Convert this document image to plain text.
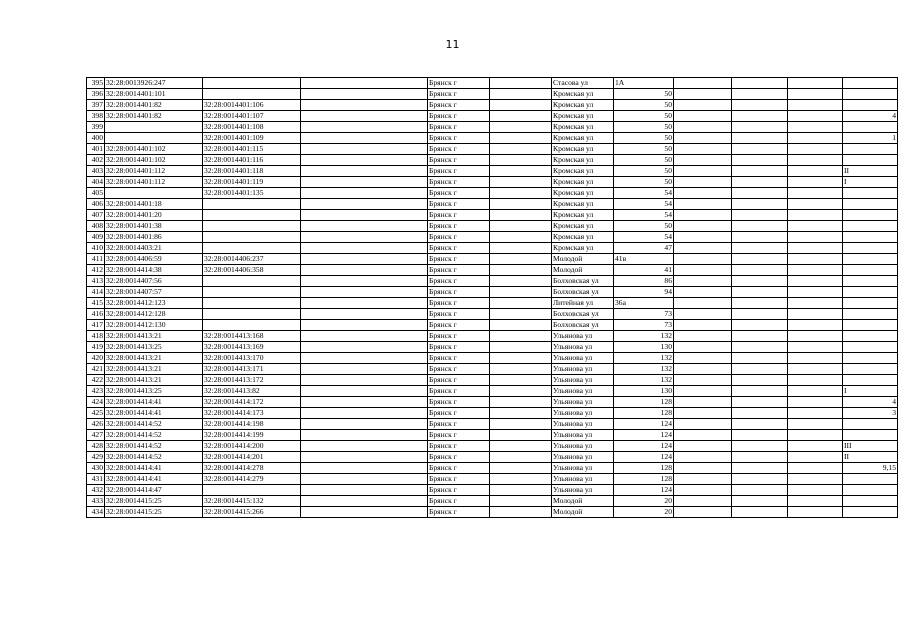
11
395	32:28:0013926:247			Брянск г		Стасова ул	1А				
396	32:28:0014401:101			Брянск г		Кромская ул	50				
397	32:28:0014401:82	32:28:0014401:106		Брянск г		Кромская ул	50				
398	32:28:0014401:82	32:28:0014401:107		Брянск г		Кромская ул	50				4
399		32:28:0014401:108		Брянск г		Кромская ул	50				
400		32:28:0014401:109		Брянск г		Кромская ул	50				1
401	32:28:0014401:102	32:28:0014401:115		Брянск г		Кромская ул	50				
402	32:28:0014401:102	32:28:0014401:116		Брянск г		Кромская ул	50				
403	32:28:0014401:112	32:28:0014401:118		Брянск г		Кромская ул	50				II
404	32:28:0014401:112	32:28:0014401:119		Брянск г		Кромская ул	50				I
405		32:28:0014401:135		Брянск г		Кромская ул	54				
406	32:28:0014401:18			Брянск г		Кромская ул	54				
407	32:28:0014401:20			Брянск г		Кромская ул	54				
408	32:28:0014401:38			Брянск г		Кромская ул	50				
409	32:28:0014401:86			Брянск г		Кромская ул	54				
410	32:28:0014403:21			Брянск г		Кромская ул	47				
411	32:28:0014406:59	32:28:0014406:237		Брянск г		Молодой	41в				
412	32:28:0014414:38	32:28:0014406:358		Брянск г		Молодой	41				
413	32:28:0014407:56			Брянск г		Болховская ул	86				
414	32:28:0014407:57			Брянск г		Болховская ул	94				
415	32:28:0014412:123			Брянск г		Литейная ул	36а				
416	32:28:0014412:128			Брянск г		Болховская ул	73				
417	32:28:0014412:130			Брянск г		Болховская ул	73				
418	32:28:0014413:21	32:28:0014413:168		Брянск г		Ульянова ул	132				
419	32:28:0014413:25	32:28:0014413:169		Брянск г		Ульянова ул	130				
420	32:28:0014413:21	32:28:0014413:170		Брянск г		Ульянова ул	132				
421	32:28:0014413:21	32:28:0014413:171		Брянск г		Ульянова ул	132				
422	32:28:0014413:21	32:28:0014413:172		Брянск г		Ульянова ул	132				
423	32:28:0014413:25	32:28:0014413:82		Брянск г		Ульянова ул	130				I
424	32:28:0014414:41	32:28:0014414:172		Брянск г		Ульянова ул	128				4
425	32:28:0014414:41	32:28:0014414:173		Брянск г		Ульянова ул	128				3
426	32:28:0014414:52	32:28:0014414:198		Брянск г		Ульянова ул	124				
427	32:28:0014414:52	32:28:0014414:199		Брянск г		Ульянова ул	124				
428	32:28:0014414:52	32:28:0014414:200		Брянск г		Ульянова ул	124				III
429	32:28:0014414:52	32:28:0014414:201		Брянск г		Ульянова ул	124				II
430	32:28:0014414:41	32:28:0014414:278		Брянск г		Ульянова ул	128				9,15
431	32:28:0014414:41	32:28:0014414:279		Брянск г		Ульянова ул	128				
432	32:28:0014414:47			Брянск г		Ульянова ул	124				
433	32:28:0014415:25	32:28:0014415:132		Брянск г		Молодой	20				
434	32:28:0014415:25	32:28:0014415:266		Брянск г		Молодой	20				
